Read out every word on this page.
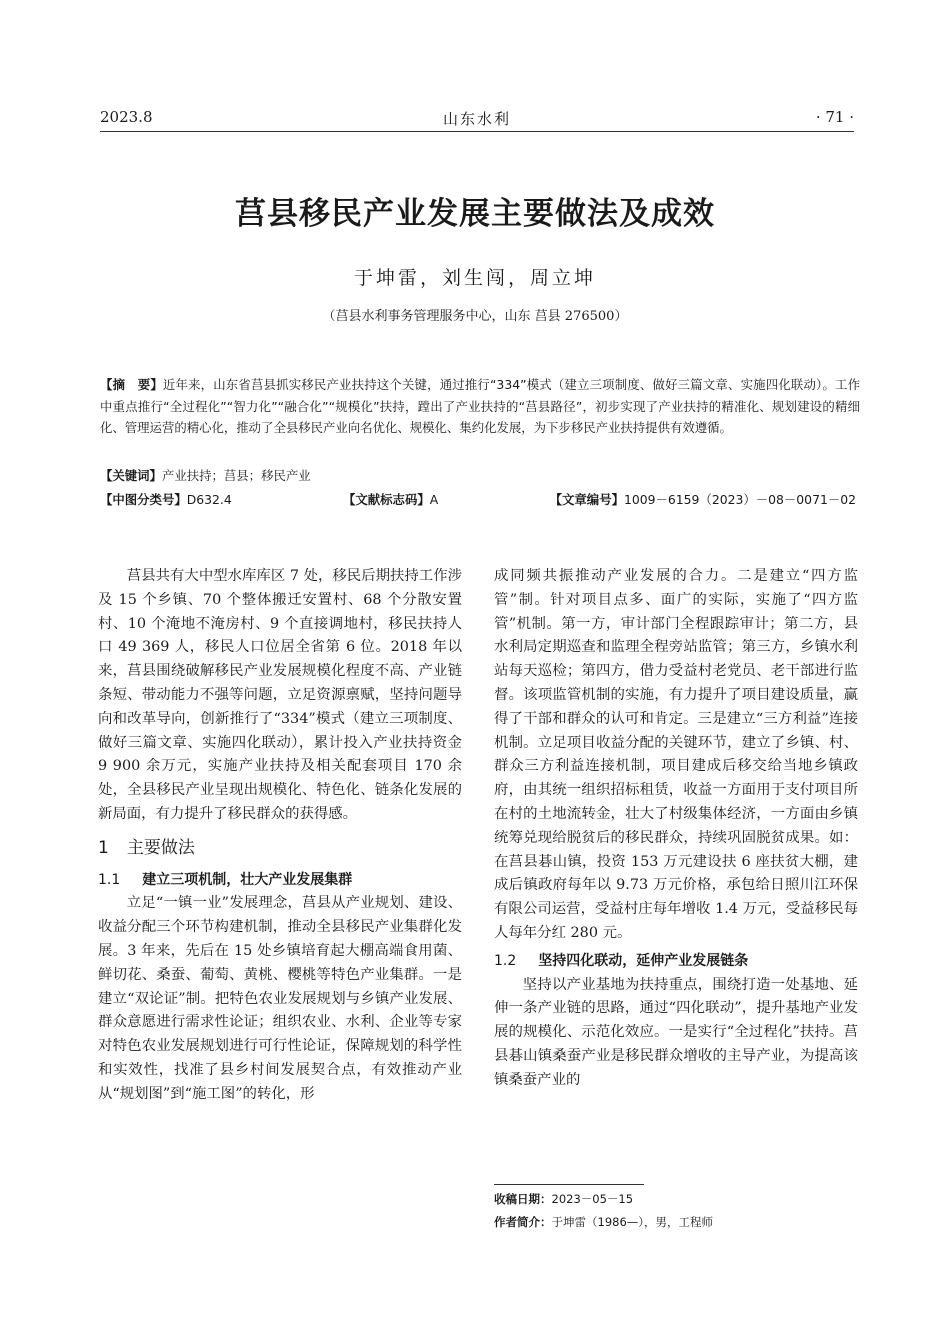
2023.8	山东水利	· 71 ·
莒县移民产业发展主要做法及成效
于坤雷，刘生闯，周立坤
（莒县水利事务管理服务中心，山东 莒县 276500）
【摘　要】近年来，山东省莒县抓实移民产业扶持这个关键，通过推行“334”模式（建立三项制度、做好三篇文章、实施四化联动）。工作中重点推行“全过程化”“智力化”“融合化”“规模化”扶持，蹚出了产业扶持的“莒县路径”，初步实现了产业扶持的精准化、规划建设的精细化、管理运营的精心化，推动了全县移民产业向名优化、规模化、集约化发展，为下步移民产业扶持提供有效遵循。
【关键词】产业扶持；莒县；移民产业
【中图分类号】D632.4	【文献标志码】A	【文章编号】1009－6159（2023）－08－0071－02

莒县共有大中型水库库区 7 处，移民后期扶持工作涉及 15 个乡镇、70 个整体搬迁安置村、68 个分散安置村、10 个淹地不淹房村、9 个直接调地村，移民扶持人口 49 369 人，移民人口位居全省第 6 位。2018 年以来，莒县围绕破解移民产业发展规模化程度不高、产业链条短、带动能力不强等问题，立足资源禀赋，坚持问题导向和改革导向，创新推行了“334”模式（建立三项制度、做好三篇文章、实施四化联动），累计投入产业扶持资金 9 900 余万元，实施产业扶持及相关配套项目 170 余处，全县移民产业呈现出规模化、特色化、链条化发展的新局面，有力提升了移民群众的获得感。

1 主要做法
1.1 建立三项机制，壮大产业发展集群

立足“一镇一业”发展理念，莒县从产业规划、建设、收益分配三个环节构建机制，推动全县移民产业集群化发展。3 年来，先后在 15 处乡镇培育起大棚高端食用菌、鲜切花、桑蚕、葡萄、黄桃、樱桃等特色产业集群。一是建立“双论证”制。把特色农业发展规划与乡镇产业发展、群众意愿进行需求性论证；组织农业、水利、企业等专家对特色农业发展规划进行可行性论证，保障规划的科学性和实效性，找准了县乡村间发展契合点，有效推动产业从“规划图”到“施工图”的转化，形

成同频共振推动产业发展的合力。二是建立“四方监管”制。针对项目点多、面广的实际，实施了“四方监管”机制。第一方，审计部门全程跟踪审计；第二方，县水利局定期巡查和监理全程旁站监管；第三方，乡镇水利站每天巡检；第四方，借力受益村老党员、老干部进行监督。该项监管机制的实施，有力提升了项目建设质量，赢得了干部和群众的认可和肯定。三是建立“三方利益”连接机制。立足项目收益分配的关键环节，建立了乡镇、村、群众三方利益连接机制，项目建成后移交给当地乡镇政府，由其统一组织招标租赁，收益一方面用于支付项目所在村的土地流转金，壮大了村级集体经济，一方面由乡镇统筹兑现给脱贫后的移民群众，持续巩固脱贫成果。如：在莒县碁山镇，投资 153 万元建设扶 6 座扶贫大棚，建成后镇政府每年以 9.73 万元价格，承包给日照川江环保有限公司运营，受益村庄每年增收 1.4 万元，受益移民每人每年分红 280 元。

1.2 坚持四化联动，延伸产业发展链条

坚持以产业基地为扶持重点，围绕打造一处基地、延伸一条产业链的思路，通过“四化联动”，提升基地产业发展的规模化、示范化效应。一是实行“全过程化”扶持。莒县碁山镇桑蚕产业是移民群众增收的主导产业，为提高该镇桑蚕产业的

收稿日期：2023－05－15
作者简介：于坤雷（1986—），男，工程师
